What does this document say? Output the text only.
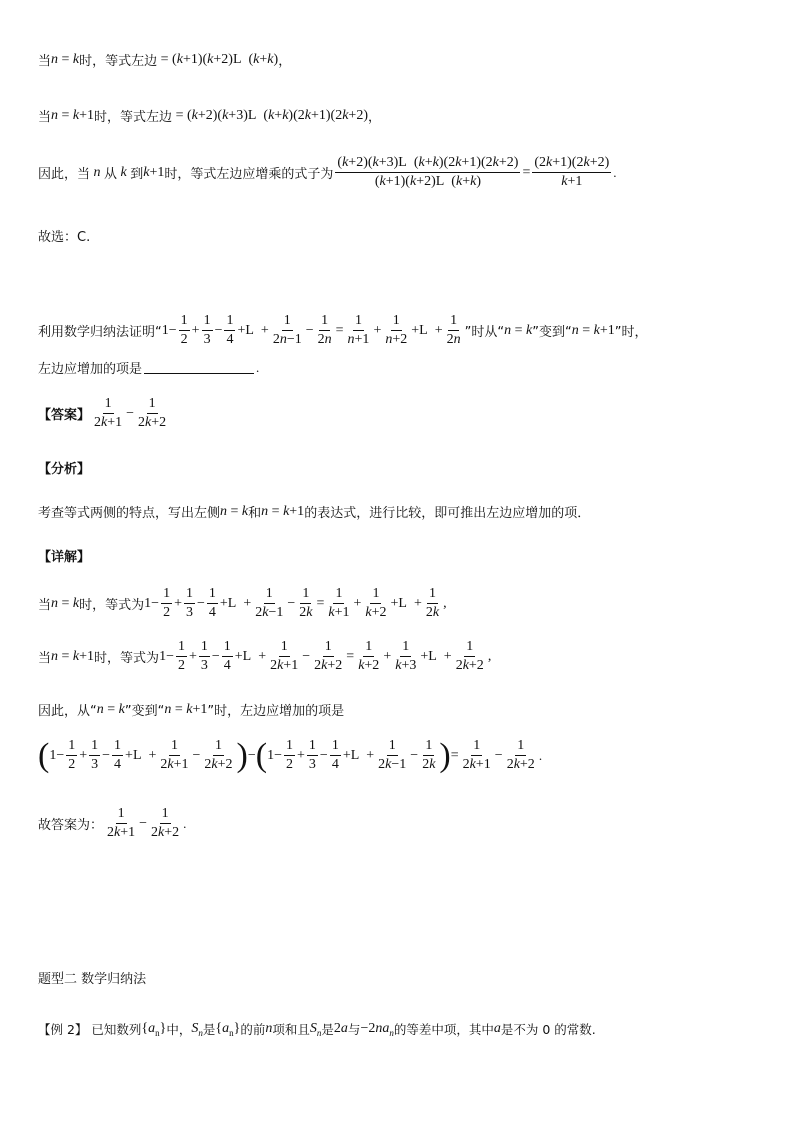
当 n = k 时，等式左边 = (k+1)(k+2)L  (k+k) ，
当 n = k+1 时，等式左边 = (k+2)(k+3)L  (k+k)(2k+1)(2k+2) ，
因此，当 n 从 k 到 k+1 时，等式左边应增乘的式子为 $\frac{(k+2)(k+3)L (k+k)(2k+1)(2k+2)}{(k+1)(k+2)L (k+k)} = \frac{(2k+1)(2k+2)}{k+1}$ .
故选：C.
利用数学归纳法证明“ $1- \frac{1}{2} + \frac{1}{3} - \frac{1}{4} +L + \frac{1}{2n-1} - \frac{1}{2n} = \frac{1}{n+1} + \frac{1}{n+2} +L + \frac{1}{2n}$ ”时从“ n = k ”变到“ n = k+1 ”时，
左边应增加的项是	.
【答案】 $\frac{1}{2k+1} - \frac{1}{2k+2}$
【分析】
考查等式两侧的特点，写出左侧 n = k 和 n = k+1 的表达式，进行比较，即可推出左边应增加的项．
【详解】
当 n = k 时，等式为 $1- \frac{1}{2} + \frac{1}{3} - \frac{1}{4} +L + \frac{1}{2k-1} - \frac{1}{2k} = \frac{1}{k+1} + \frac{1}{k+2} +L + \frac{1}{2k}$ ,
当 n = k+1 时，等式为 $1- \frac{1}{2} + \frac{1}{3} - \frac{1}{4} +L + \frac{1}{2k+1} - \frac{1}{2k+2} = \frac{1}{k+2} + \frac{1}{k+3} +L + \frac{1}{2k+2}$ ,
因此，从“ n = k ”变到“ n = k+1 ”时，左边应增加的项是
( $1- \frac{1}{2} + \frac{1}{3} - \frac{1}{4} +L + \frac{1}{2k+1} - \frac{1}{2k+2}$ ) − ( $1- \frac{1}{2} + \frac{1}{3} - \frac{1}{4} +L + \frac{1}{2k-1} - \frac{1}{2k}$ ) = $\frac{1}{2k+1} - \frac{1}{2k+2}$ .
故答案为： $\frac{1}{2k+1} - \frac{1}{2k+2}$ .
题型二 数学归纳法
【例 2】 已知数列 $\{a_n\}$ 中， $S_n$ 是 $\{a_n\}$ 的前 n 项和且 $S_n$ 是 2a 与 $-2na_n$ 的等差中项，其中 a 是不为 0 的常数.
